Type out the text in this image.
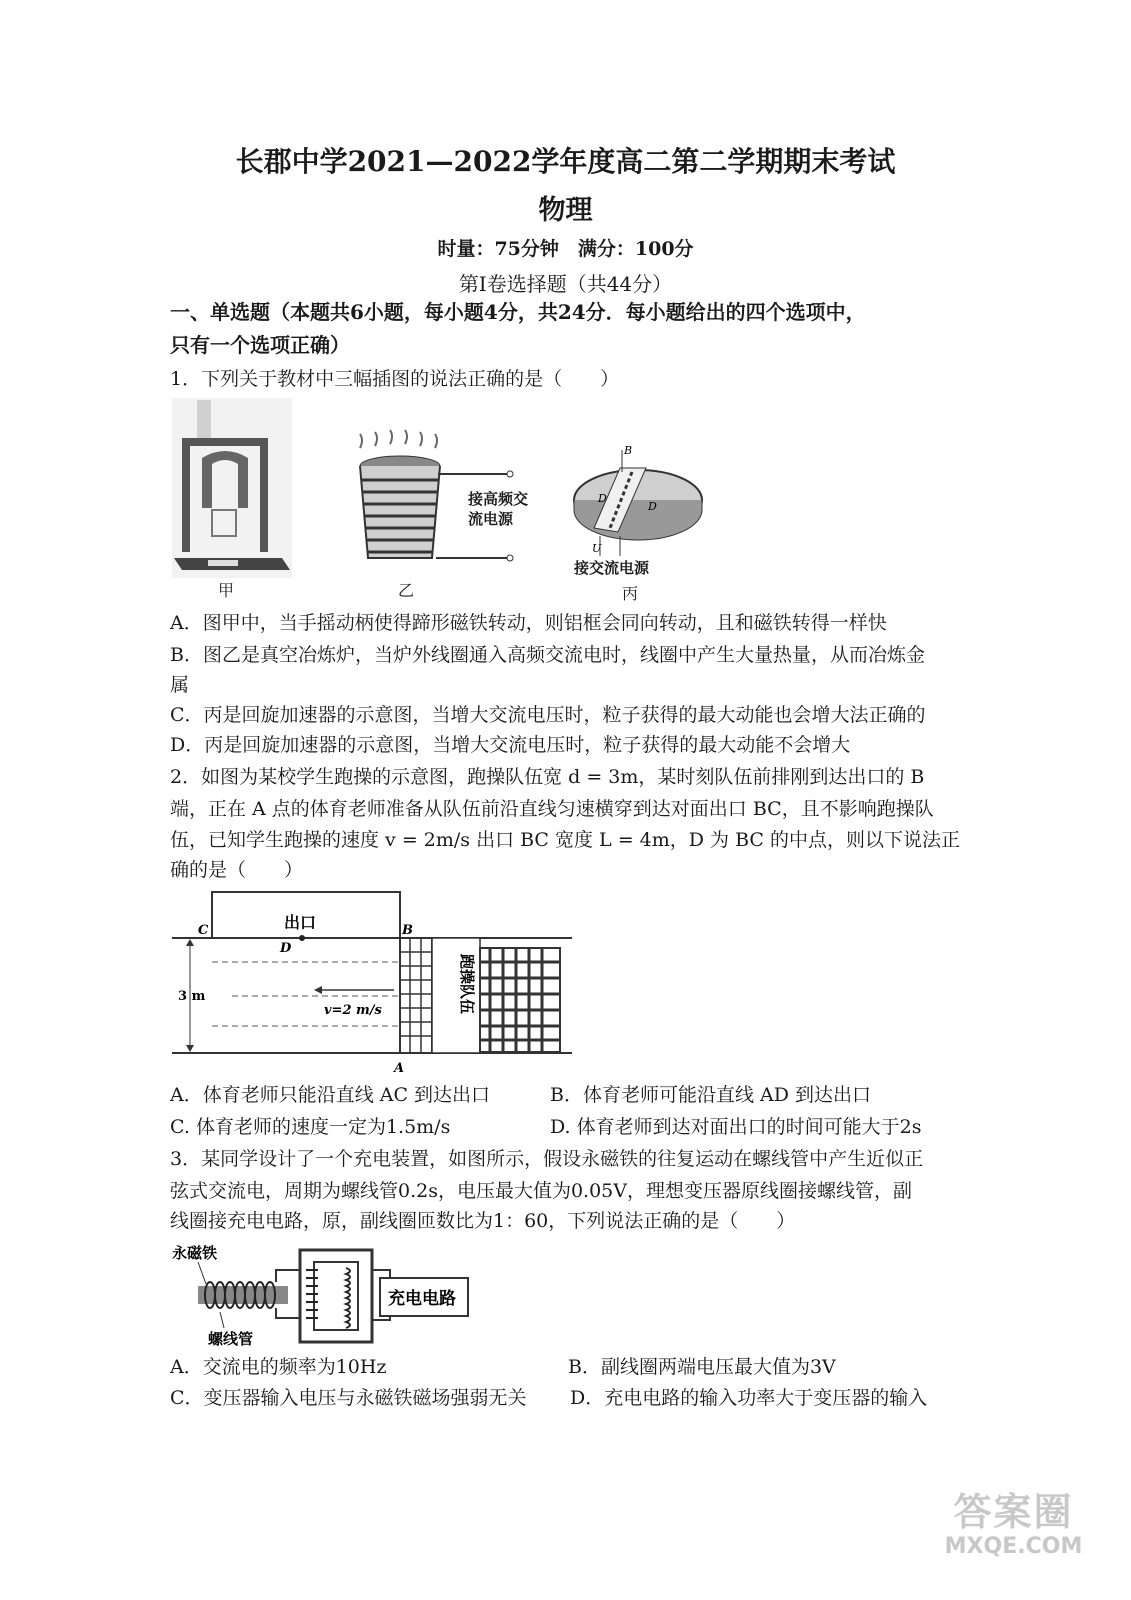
长郡中学2021—2022学年度高二第二学期期末考试
物理
时量：75分钟　满分：100分
第Ⅰ卷选择题（共44分）
一、单选题（本题共6小题，每小题4分，共24分．每小题给出的四个选项中，
只有一个选项正确）
1．下列关于教材中三幅插图的说法正确的是（　　）
甲
接高频交
流电源
乙
B
D
D
U
接交流电源
丙
A．图甲中，当手摇动柄使得蹄形磁铁转动，则铝框会同向转动，且和磁铁转得一样快
B．图乙是真空冶炼炉，当炉外线圈通入高频交流电时，线圈中产生大量热量，从而冶炼金
属
C．丙是回旋加速器的示意图，当增大交流电压时，粒子获得的最大动能也会增大法正确的
D．丙是回旋加速器的示意图，当增大交流电压时，粒子获得的最大动能不会增大
2．如图为某校学生跑操的示意图，跑操队伍宽 d = 3m，某时刻队伍前排刚到达出口的 B
端，正在 A 点的体育老师准备从队伍前沿直线匀速横穿到达对面出口 BC，且不影响跑操队
伍，已知学生跑操的速度 v = 2m/s 出口 BC 宽度 L = 4m，D 为 BC 的中点，则以下说法正
确的是（　　）
出口
C
D
B
A
3 m
v=2 m/s	跑操队伍
A．体育老师只能沿直线 AC 到达出口	B．体育老师可能沿直线 AD 到达出口
C. 体育老师的速度一定为1.5m/s	D. 体育老师到达对面出口的时间可能大于2s
3．某同学设计了一个充电装置，如图所示，假设永磁铁的往复运动在螺线管中产生近似正
弦式交流电，周期为螺线管0.2s，电压最大值为0.05V，理想变压器原线圈接螺线管，副
线圈接充电电路，原，副线圈匝数比为1：60，下列说法正确的是（　　）
永磁铁
螺线管
充电电路
A．交流电的频率为10Hz	B．副线圈两端电压最大值为3V
C．变压器输入电压与永磁铁磁场强弱无关 D．充电电路的输入功率大于变压器的输入
答案圈
MXQE.COM
